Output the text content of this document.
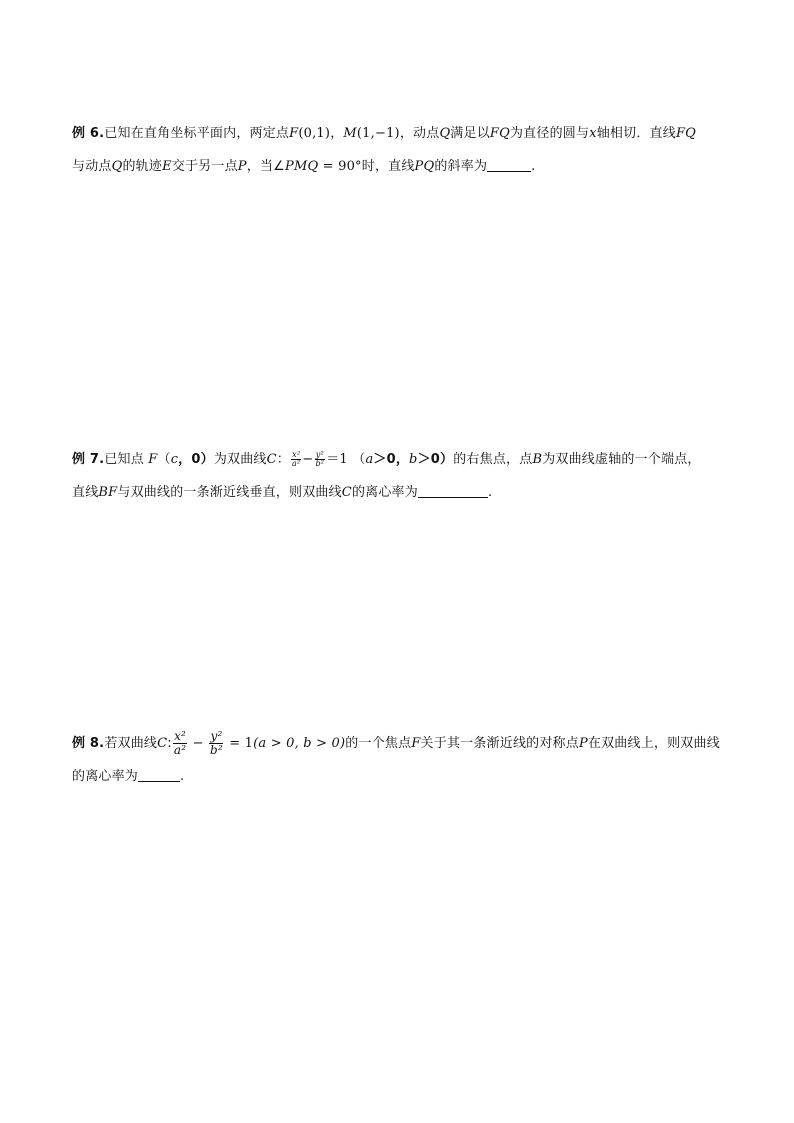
例 6.已知在直角坐标平面内，两定点F(0,1)，M(1,−1)，动点Q满足以FQ为直径的圆与x轴相切．直线FQ
与动点Q的轨迹E交于另一点P，当∠PMQ = 90°时，直线PQ的斜率为	.
例 7.已知点 F（c，0）为双曲线C： $\frac{\text{x²}}{\text{a²}} - \frac{\text{y²}}{\text{b²}} =1$ （a＞0，b＞0）的右焦点，点B为双曲线虚轴的一个端点，
直线BF与双曲线的一条渐近线垂直，则双曲线C的离心率为	.
例 8.若双曲线C: $\frac{\text{x²}}{\text{a²}} - \frac{\text{y²}}{\text{b²}} = 1(a > 0$, b > 0)的一个焦点F关于其一条渐近线的对称点P在双曲线上，则双曲线
的离心率为	.
